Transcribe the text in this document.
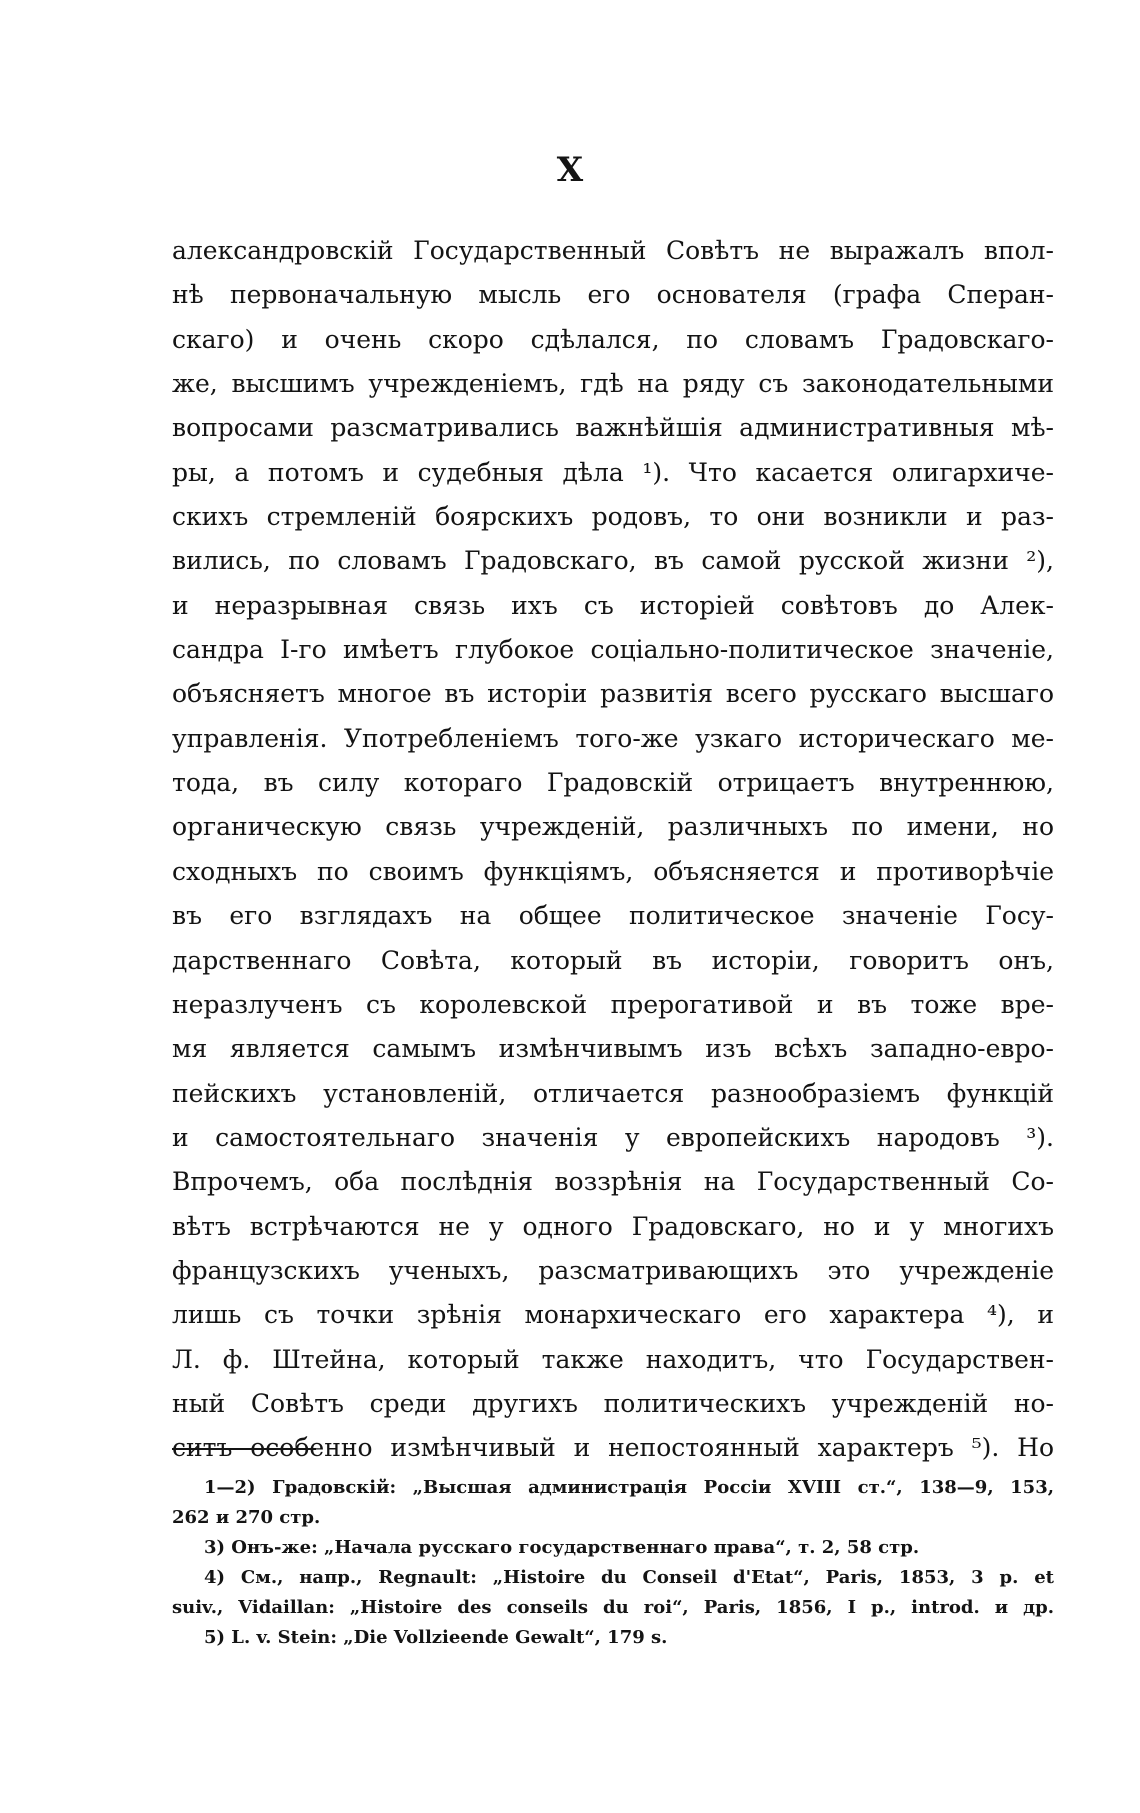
X
александровскій Государственный Совѣтъ не выражалъ впол-
нѣ первоначальную мысль его основателя (графа Сперан-
скаго) и очень скоро сдѣлался, по словамъ Градовскаго-
же, высшимъ учрежденіемъ, гдѣ на ряду съ законодательными
вопросами разсматривались важнѣйшія административныя мѣ-
ры, а потомъ и судебныя дѣла ¹). Что касается олигархиче-
скихъ стремленій боярскихъ родовъ, то они возникли и раз-
вились, по словамъ Градовскаго, въ самой русской жизни ²),
и неразрывная связь ихъ съ исторіей совѣтовъ до Алек-
сандра I-го имѣетъ глубокое соціально-политическое значеніе,
объясняетъ многое въ исторіи развитія всего русскаго высшаго
управленія. Употребленіемъ того-же узкаго историческаго ме-
тода, въ силу котораго Градовскій отрицаетъ внутреннюю,
органическую связь учрежденій, различныхъ по имени, но
сходныхъ по своимъ функціямъ, объясняется и противорѣчіе
въ его взглядахъ на общее политическое значеніе Госу-
дарственнаго Совѣта, который въ исторіи, говоритъ онъ,
неразлученъ съ королевской прерогативой и въ тоже вре-
мя является самымъ измѣнчивымъ изъ всѣхъ западно-евро-
пейскихъ установленій, отличается разнообразіемъ функцій
и самостоятельнаго значенія у европейскихъ народовъ ³).
Впрочемъ, оба послѣднія воззрѣнія на Государственный Со-
вѣтъ встрѣчаются не у одного Градовскаго, но и у многихъ
французскихъ ученыхъ, разсматривающихъ это учрежденіе
лишь съ точки зрѣнія монархическаго его характера ⁴), и
Л. ф. Штейна, который также находитъ, что Государствен-
ный Совѣтъ среди другихъ политическихъ учрежденій но-
ситъ особенно измѣнчивый и непостоянный характеръ ⁵). Но
1—2) Градовскій: „Высшая администрація Россіи XVIII ст.“, 138—9, 153,
262 и 270 стр.
3) Онъ-же: „Начала русскаго государственнаго права“, т. 2, 58 стр.
4) См., напр., Regnault: „Histoire du Conseil d'Etat“, Paris, 1853, 3 p. et
suiv., Vidaillan: „Histoire des conseils du roi“, Paris, 1856, I p., introd. и др.
5) L. v. Stein: „Die Vollzieende Gewalt“, 179 s.
